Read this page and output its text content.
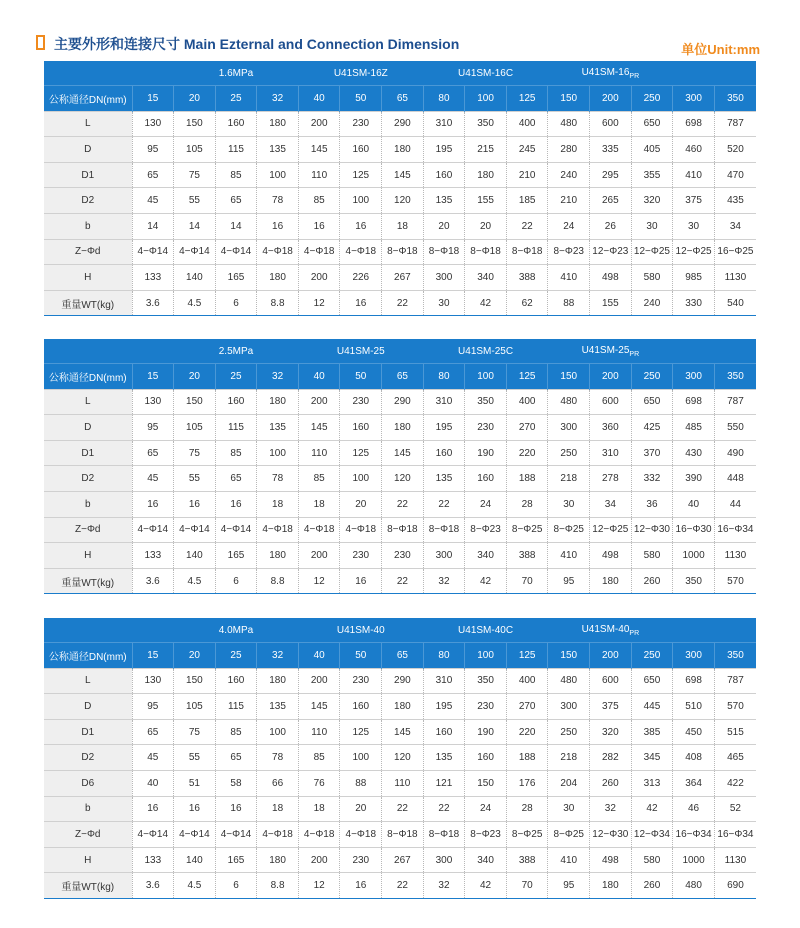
主要外形和连接尺寸 Main Ezternal and Connection Dimension	单位Unit:mm
		1.6MPa			U41SM-16Z			U41SM-16C			$U41SM-16_{PR}$	
公称通径DN(mm)	15	20	25	32	40	50	65	80	100	125	150	200	250	300	350
L	130	150	160	180	200	230	290	310	350	400	480	600	650	698	787
D	95	105	115	135	145	160	180	195	215	245	280	335	405	460	520
D1	65	75	85	100	110	125	145	160	180	210	240	295	355	410	470
D2	45	55	65	78	85	100	120	135	155	185	210	265	320	375	435
b	14	14	14	16	16	16	18	20	20	22	24	26	30	30	34
Z−Φd	4−Φ14	4−Φ14	4−Φ14	4−Φ18	4−Φ18	4−Φ18	8−Φ18	8−Φ18	8−Φ18	8−Φ18	8−Φ23	12−Φ23	12−Φ25	12−Φ25	16−Φ25
H	133	140	165	180	200	226	267	300	340	388	410	498	580	985	1130
重量WT(kg)	3.6	4.5	6	8.8	12	16	22	30	42	62	88	155	240	330	540
		2.5MPa			U41SM-25			U41SM-25C			$U41SM-25_{PR}$	
公称通径DN(mm)	15	20	25	32	40	50	65	80	100	125	150	200	250	300	350
L	130	150	160	180	200	230	290	310	350	400	480	600	650	698	787
D	95	105	115	135	145	160	180	195	230	270	300	360	425	485	550
D1	65	75	85	100	110	125	145	160	190	220	250	310	370	430	490
D2	45	55	65	78	85	100	120	135	160	188	218	278	332	390	448
b	16	16	16	18	18	20	22	22	24	28	30	34	36	40	44
Z−Φd	4−Φ14	4−Φ14	4−Φ14	4−Φ18	4−Φ18	4−Φ18	8−Φ18	8−Φ18	8−Φ23	8−Φ25	8−Φ25	12−Φ25	12−Φ30	16−Φ30	16−Φ34
H	133	140	165	180	200	230	230	300	340	388	410	498	580	1000	1130
重量WT(kg)	3.6	4.5	6	8.8	12	16	22	32	42	70	95	180	260	350	570
		4.0MPa			U41SM-40			U41SM-40C			$U41SM-40_{PR}$	
公称通径DN(mm)	15	20	25	32	40	50	65	80	100	125	150	200	250	300	350
L	130	150	160	180	200	230	290	310	350	400	480	600	650	698	787
D	95	105	115	135	145	160	180	195	230	270	300	375	445	510	570
D1	65	75	85	100	110	125	145	160	190	220	250	320	385	450	515
D2	45	55	65	78	85	100	120	135	160	188	218	282	345	408	465
D6	40	51	58	66	76	88	110	121	150	176	204	260	313	364	422
b	16	16	16	18	18	20	22	22	24	28	30	32	42	46	52
Z−Φd	4−Φ14	4−Φ14	4−Φ14	4−Φ18	4−Φ18	4−Φ18	8−Φ18	8−Φ18	8−Φ23	8−Φ25	8−Φ25	12−Φ30	12−Φ34	16−Φ34	16−Φ34
H	133	140	165	180	200	230	267	300	340	388	410	498	580	1000	1130
重量WT(kg)	3.6	4.5	6	8.8	12	16	22	32	42	70	95	180	260	480	690
